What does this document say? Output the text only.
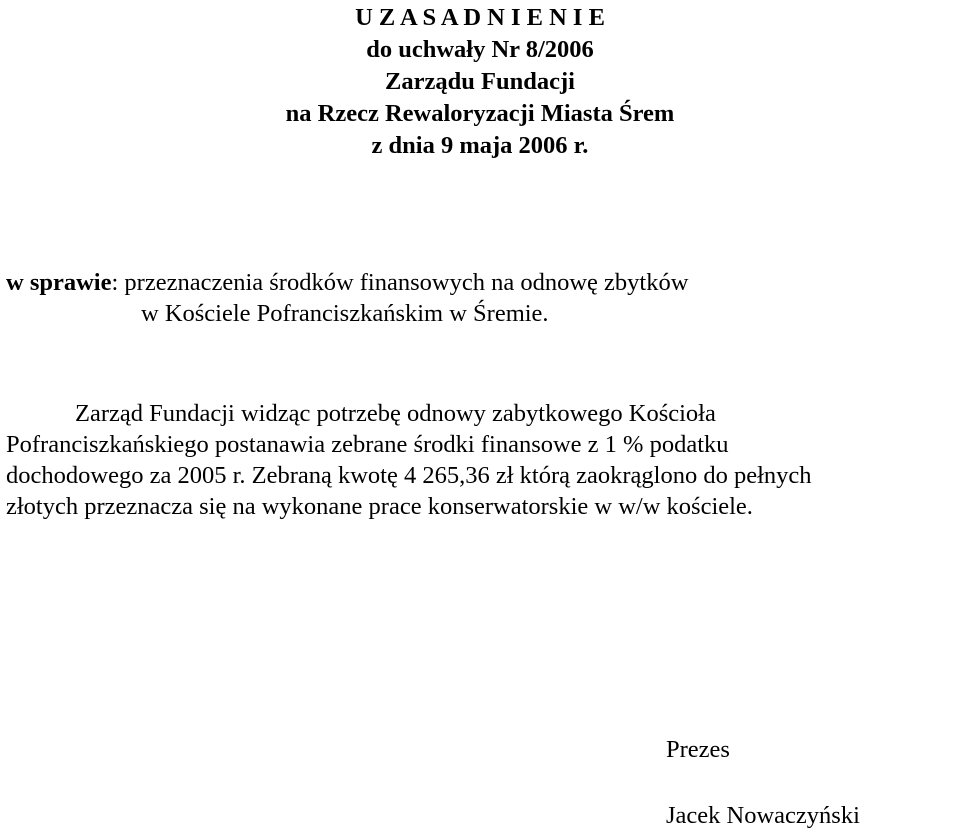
U Z A S A D N I E N I E
do uchwały Nr 8/2006
Zarządu Fundacji
na Rzecz Rewaloryzacji Miasta Śrem
z dnia 9 maja 2006 r.
w sprawie: przeznaczenia środków finansowych na odnowę zbytków
w Kościele Pofranciszkańskim w Śremie.
Zarząd Fundacji widząc potrzebę odnowy zabytkowego Kościoła
Pofranciszkańskiego postanawia zebrane środki finansowe z 1 % podatku
dochodowego za 2005 r. Zebraną kwotę 4 265,36 zł którą zaokrąglono do pełnych
złotych przeznacza się na wykonane prace konserwatorskie w w/w kościele.
Prezes
Jacek Nowaczyński
